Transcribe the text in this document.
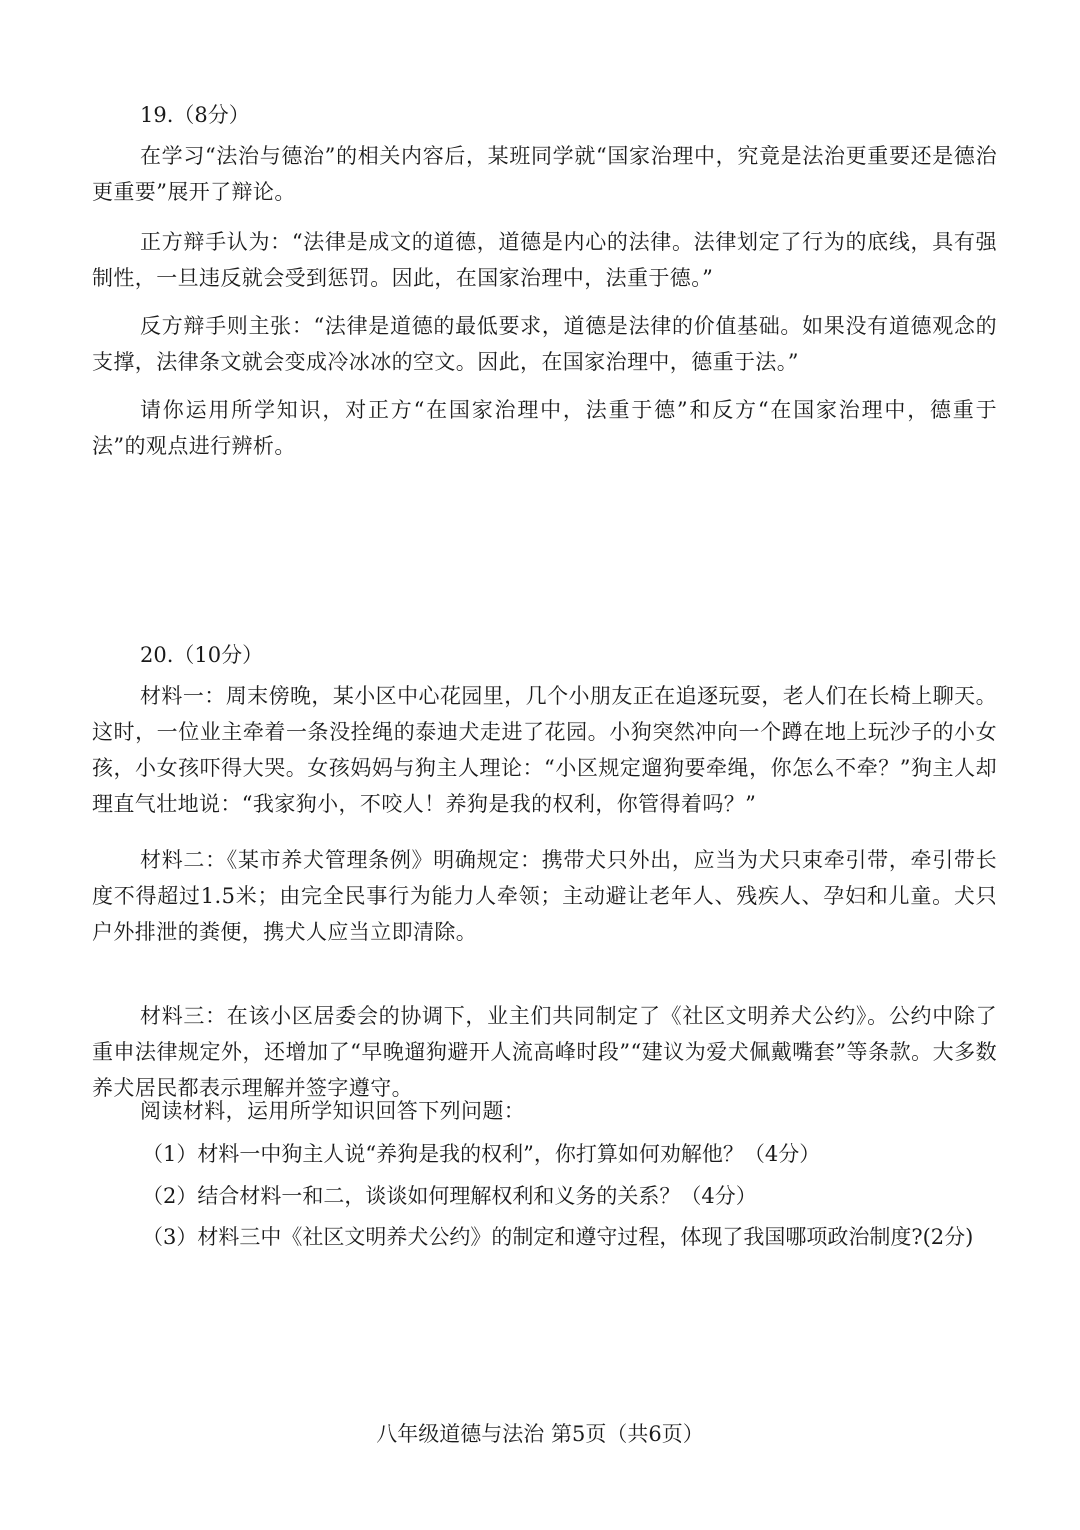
19.（8分）

在学习“法治与德治”的相关内容后，某班同学就“国家治理中，究竟是法治更重要还是德治更重要”展开了辩论。

正方辩手认为：“法律是成文的道德，道德是内心的法律。法律划定了行为的底线，具有强制性，一旦违反就会受到惩罚。因此，在国家治理中，法重于德。”

反方辩手则主张：“法律是道德的最低要求，道德是法律的价值基础。如果没有道德观念的支撑，法律条文就会变成冷冰冰的空文。因此，在国家治理中，德重于法。”

请你运用所学知识，对正方“在国家治理中，法重于德”和反方“在国家治理中，德重于法”的观点进行辨析。

20.（10分）

材料一：周末傍晚，某小区中心花园里，几个小朋友正在追逐玩耍，老人们在长椅上聊天。这时，一位业主牵着一条没拴绳的泰迪犬走进了花园。小狗突然冲向一个蹲在地上玩沙子的小女孩，小女孩吓得大哭。女孩妈妈与狗主人理论：“小区规定遛狗要牵绳，你怎么不牵？”狗主人却理直气壮地说：“我家狗小，不咬人！养狗是我的权利，你管得着吗？”

材料二：《某市养犬管理条例》明确规定：携带犬只外出，应当为犬只束牵引带，牵引带长度不得超过1.5米；由完全民事行为能力人牵领；主动避让老年人、残疾人、孕妇和儿童。犬只户外排泄的粪便，携犬人应当立即清除。

材料三：在该小区居委会的协调下，业主们共同制定了《社区文明养犬公约》。公约中除了重申法律规定外，还增加了“早晚遛狗避开人流高峰时段”“建议为爱犬佩戴嘴套”等条款。大多数养犬居民都表示理解并签字遵守。

阅读材料，运用所学知识回答下列问题：

（1）材料一中狗主人说“养狗是我的权利”，你打算如何劝解他？（4分）

（2）结合材料一和二，谈谈如何理解权利和义务的关系？（4分）

（3）材料三中《社区文明养犬公约》的制定和遵守过程，体现了我国哪项政治制度?(2分)

八年级道德与法治 第5页（共6页）
